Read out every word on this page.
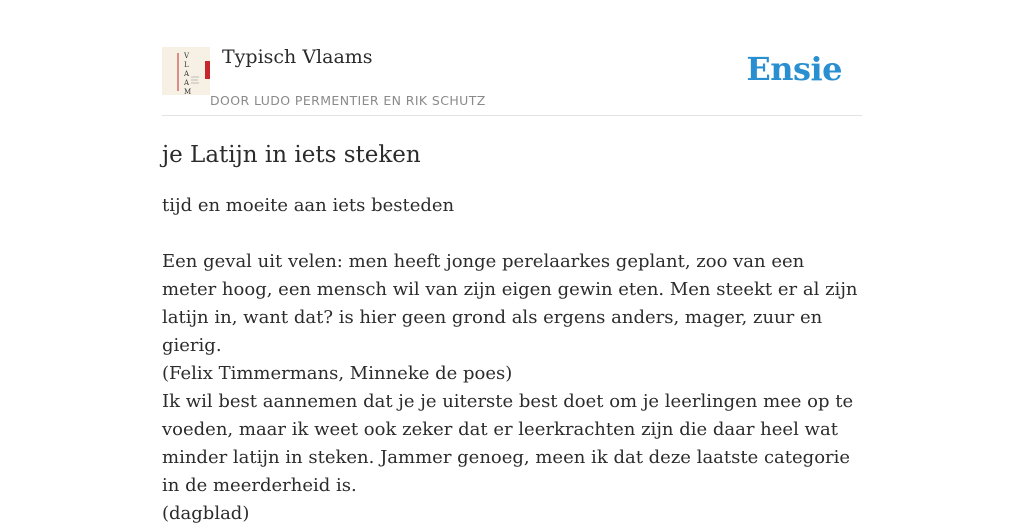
V
L
A
A
M
Typisch Vlaams
DOOR LUDO PERMENTIER EN RIK SCHUTZ
Ensie
je Latijn in iets steken
tijd en moeite aan iets besteden

Een geval uit velen: men heeft jonge perelaarkes geplant, zoo van een meter hoog, een mensch wil van zijn eigen gewin eten. Men steekt er al zijn latijn in, want dat? is hier geen grond als ergens anders, mager, zuur en gierig.

(Felix Timmermans, Minneke de poes)

Ik wil best aannemen dat je je uiterste best doet om je leerlingen mee op te voeden, maar ik weet ook zeker dat er leerkrachten zijn die daar heel wat minder latijn in steken. Jammer genoeg, meen ik dat deze laatste categorie in de meerderheid is.

(dagblad)
